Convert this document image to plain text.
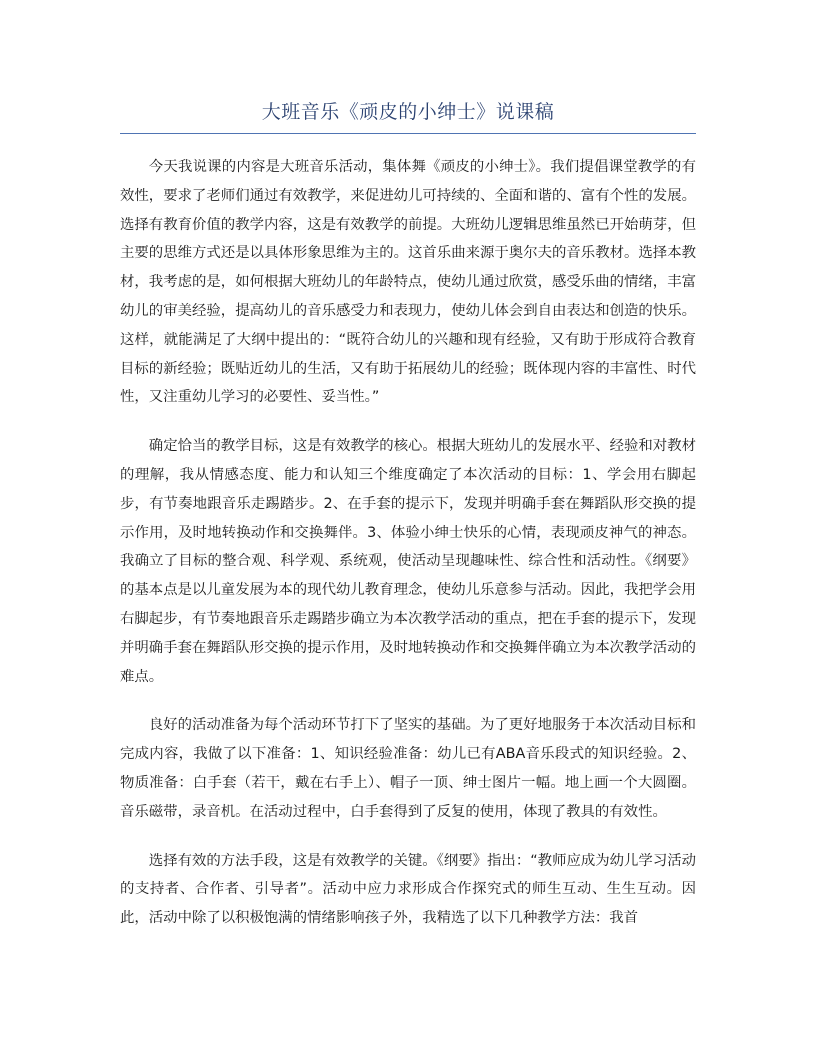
大班音乐《顽皮的小绅士》说课稿

今天我说课的内容是大班音乐活动，集体舞《顽皮的小绅士》。我们提倡课堂教学的有效性，要求了老师们通过有效教学，来促进幼儿可持续的、全面和谐的、富有个性的发展。选择有教育价值的教学内容，这是有效教学的前提。大班幼儿逻辑思维虽然已开始萌芽，但主要的思维方式还是以具体形象思维为主的。这首乐曲来源于奥尔夫的音乐教材。选择本教材，我考虑的是，如何根据大班幼儿的年龄特点，使幼儿通过欣赏，感受乐曲的情绪，丰富幼儿的审美经验，提高幼儿的音乐感受力和表现力，使幼儿体会到自由表达和创造的快乐。这样，就能满足了大纲中提出的：“既符合幼儿的兴趣和现有经验，又有助于形成符合教育目标的新经验；既贴近幼儿的生活，又有助于拓展幼儿的经验；既体现内容的丰富性、时代性，又注重幼儿学习的必要性、妥当性。”

确定恰当的教学目标，这是有效教学的核心。根据大班幼儿的发展水平、经验和对教材的理解，我从情感态度、能力和认知三个维度确定了本次活动的目标：1、学会用右脚起步，有节奏地跟音乐走踢踏步。2、在手套的提示下，发现并明确手套在舞蹈队形交换的提示作用，及时地转换动作和交换舞伴。3、体验小绅士快乐的心情，表现顽皮神气的神态。我确立了目标的整合观、科学观、系统观，使活动呈现趣味性、综合性和活动性。《纲要》的基本点是以儿童发展为本的现代幼儿教育理念，使幼儿乐意参与活动。因此，我把学会用右脚起步，有节奏地跟音乐走踢踏步确立为本次教学活动的重点，把在手套的提示下，发现并明确手套在舞蹈队形交换的提示作用，及时地转换动作和交换舞伴确立为本次教学活动的难点。

良好的活动准备为每个活动环节打下了坚实的基础。为了更好地服务于本次活动目标和完成内容，我做了以下准备：1、知识经验准备：幼儿已有ABA音乐段式的知识经验。2、物质准备：白手套（若干，戴在右手上）、帽子一顶、绅士图片一幅。地上画一个大圆圈。音乐磁带，录音机。在活动过程中，白手套得到了反复的使用，体现了教具的有效性。

选择有效的方法手段，这是有效教学的关键。《纲要》指出：“教师应成为幼儿学习活动的支持者、合作者、引导者”。活动中应力求形成合作探究式的师生互动、生生互动。因此，活动中除了以积极饱满的情绪影响孩子外，我精选了以下几种教学方法：我首
